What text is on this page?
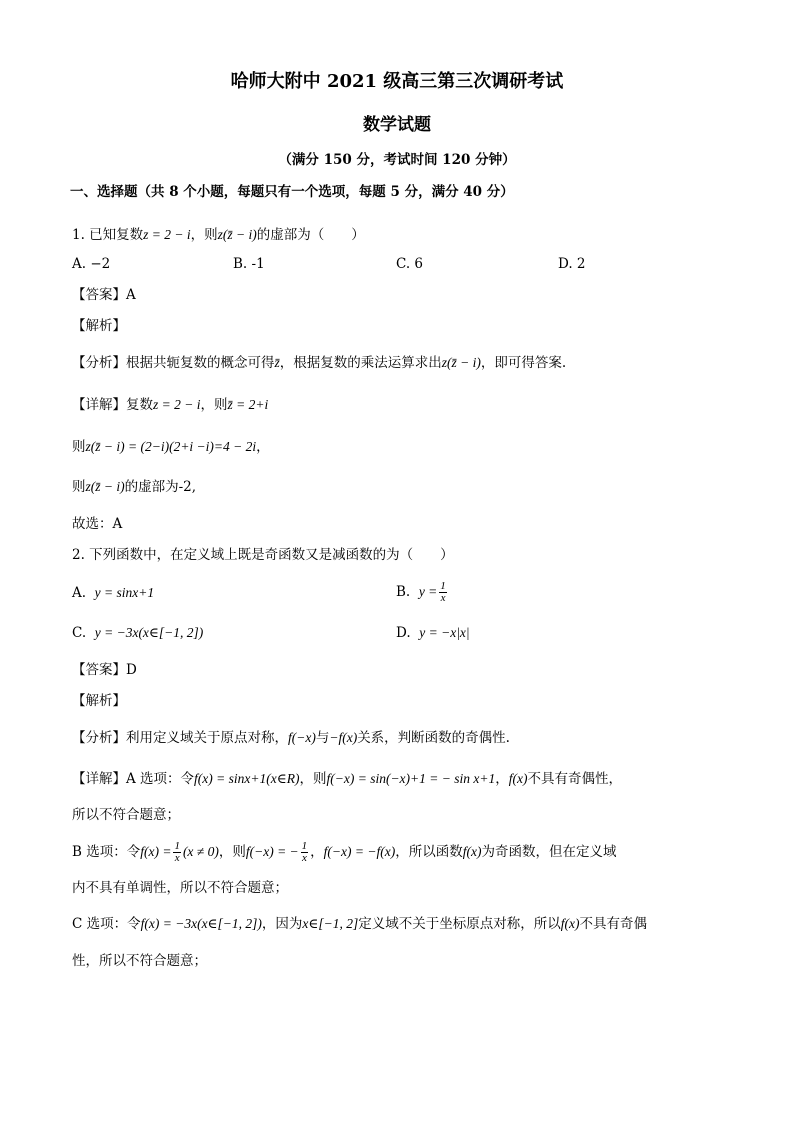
哈师大附中 2021 级高三第三次调研考试
数学试题
（满分 150 分，考试时间 120 分钟）
一、选择题（共 8 个小题，每题只有一个选项，每题 5 分，满分 40 分）
1. 已知复数z = 2 − i，则z(z̄ − i)的虚部为（　　）
A. −2	B. -1	C. 6	D. 2
【答案】A
【解析】
【分析】根据共轭复数的概念可得z̄，根据复数的乘法运算求出z(z̄ − i)，即可得答案.
【详解】复数z = 2 − i，则z̄ = 2+i
则z(z̄ − i) = (2−i)(2+i −i)=4 − 2i，
则z(z̄ − i)的虚部为-2,
故选：A
2. 下列函数中，在定义域上既是奇函数又是减函数的为（　　）
A. y = sinx+1	B. $y = \frac{1}{x}$
C. y = −3x(x∈[−1, 2])	D. y = −x|x|
【答案】D
【解析】
【分析】利用定义域关于原点对称，f(−x)与−f(x)关系，判断函数的奇偶性.
【详解】A 选项：令f(x) = sinx+1(x∈R)，则f(−x) = sin(−x)+1 = − sin x+1，f(x)不具有奇偶性，
所以不符合题意；
B 选项：令$f(x) = \frac{1}{x} (x \ne 0)$，则f(−x) = − $\frac{1}{x}$ ，f(−x) = −f(x)，所以函数f(x)为奇函数，但在定义域
内不具有单调性，所以不符合题意；
C 选项：令f(x) = −3x(x∈[−1, 2])，因为x∈[−1, 2]定义域不关于坐标原点对称，所以f(x)不具有奇偶
性，所以不符合题意；
